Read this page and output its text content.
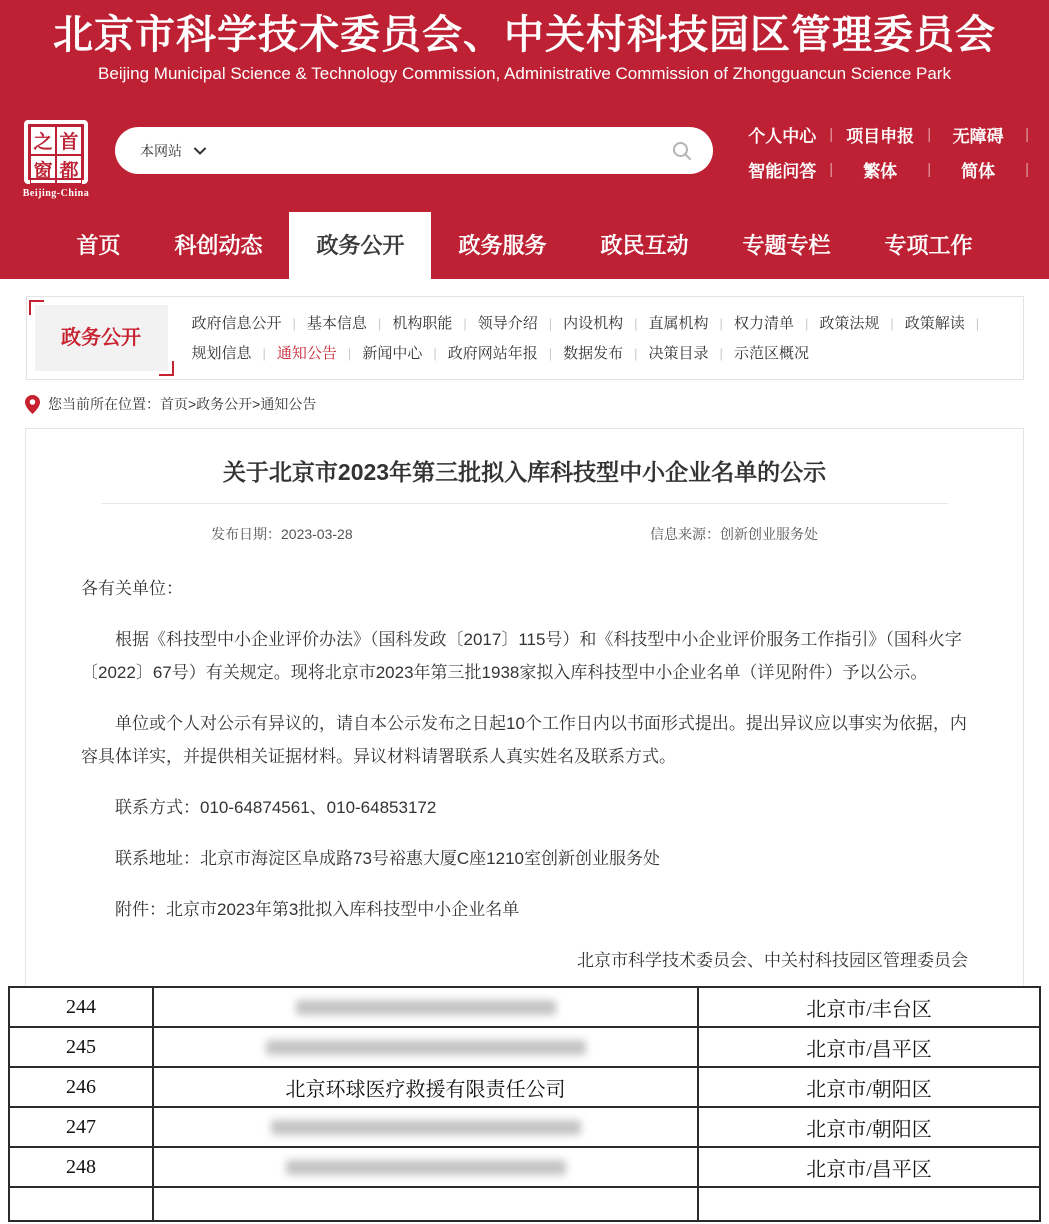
北京市科学技术委员会、中关村科技园区管理委员会
Beijing Municipal Science & Technology Commission, Administrative Commission of Zhongguancun Science Park
之 首
窗 都
Beijing-China
本网站
个人中心 | 项目申报 |	无障碍	|
智能问答 |	繁体	|	简体	|
首页	科创动态	政务公开	政务服务	政民互动	专题专栏	专项工作
政务公开
政府信息公开 | 基本信息 | 机构职能 | 领导介绍 | 内设机构 | 直属机构 | 权力清单 | 政策法规 | 政策解读 |
规划信息 | 通知公告 | 新闻中心 | 政府网站年报 | 数据发布 | 决策目录 | 示范区概况
您当前所在位置： 首页>政务公开>通知公告
关于北京市2023年第三批拟入库科技型中小企业名单的公示
发布日期：2023-03-28	信息来源：创新创业服务处

各有关单位：

根据《科技型中小企业评价办法》（国科发政〔2017〕115号）和《科技型中小企业评价服务工作指引》（国科火字〔2022〕67号）有关规定。现将北京市2023年第三批1938家拟入库科技型中小企业名单（详见附件）予以公示。

单位或个人对公示有异议的，请自本公示发布之日起10个工作日内以书面形式提出。提出异议应以事实为依据，内容具体详实，并提供相关证据材料。异议材料请署联系人真实姓名及联系方式。

联系方式：010-64874561、010-64853172

联系地址：北京市海淀区阜成路73号裕惠大厦C座1210室创新创业服务处

附件：北京市2023年第3批拟入库科技型中小企业名单

北京市科学技术委员会、中关村科技园区管理委员会
244		北京市/丰台区
245		北京市/昌平区
246	北京环球医疗救援有限责任公司	北京市/朝阳区
247		北京市/朝阳区
248		北京市/昌平区
